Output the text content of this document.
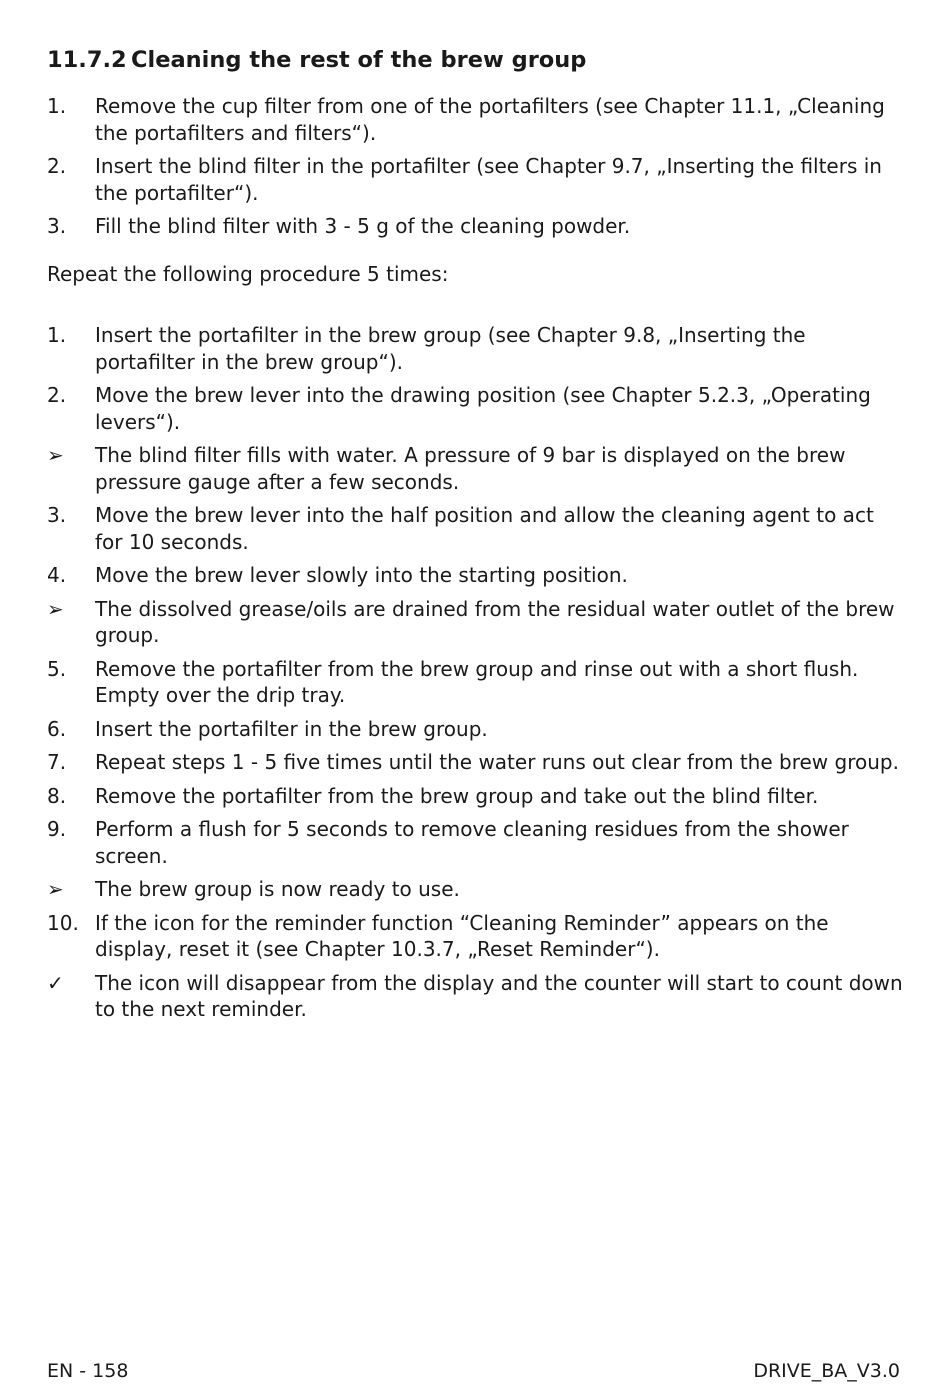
11.7.2 Cleaning the rest of the brew group
1.	Remove the cup filter from one of the portafilters (see Chapter 11.1, „Cleaning the portafilters and filters“).
2.	Insert the blind filter in the portafilter (see Chapter 9.7, „Inserting the filters in the portafilter“).
3.	Fill the blind filter with 3 - 5 g of the cleaning powder.
Repeat the following procedure 5 times:
1.	Insert the portafilter in the brew group (see Chapter 9.8, „Inserting the portafilter in the brew group“).
2.	Move the brew lever into the drawing position (see Chapter 5.2.3, „Operating levers“).
➢	The blind filter fills with water. A pressure of 9 bar is displayed on the brew pressure gauge after a few seconds.
3.	Move the brew lever into the half position and allow the cleaning agent to act for 10 seconds.
4.	Move the brew lever slowly into the starting position.
➢	The dissolved grease/oils are drained from the residual water outlet of the brew group.
5.	Remove the portafilter from the brew group and rinse out with a short flush. Empty over the drip tray.
6.	Insert the portafilter in the brew group.
7.	Repeat steps 1 - 5 five times until the water runs out clear from the brew group.
8.	Remove the portafilter from the brew group and take out the blind filter.
9.	Perform a flush for 5 seconds to remove cleaning residues from the shower screen.
➢	The brew group is now ready to use.
10. If the icon for the reminder function “Cleaning Reminder” appears on the display, reset it (see Chapter 10.3.7, „Reset Reminder“).
✓	The icon will disappear from the display and the counter will start to count down to the next reminder.
EN - 158	DRIVE_BA_V3.0
